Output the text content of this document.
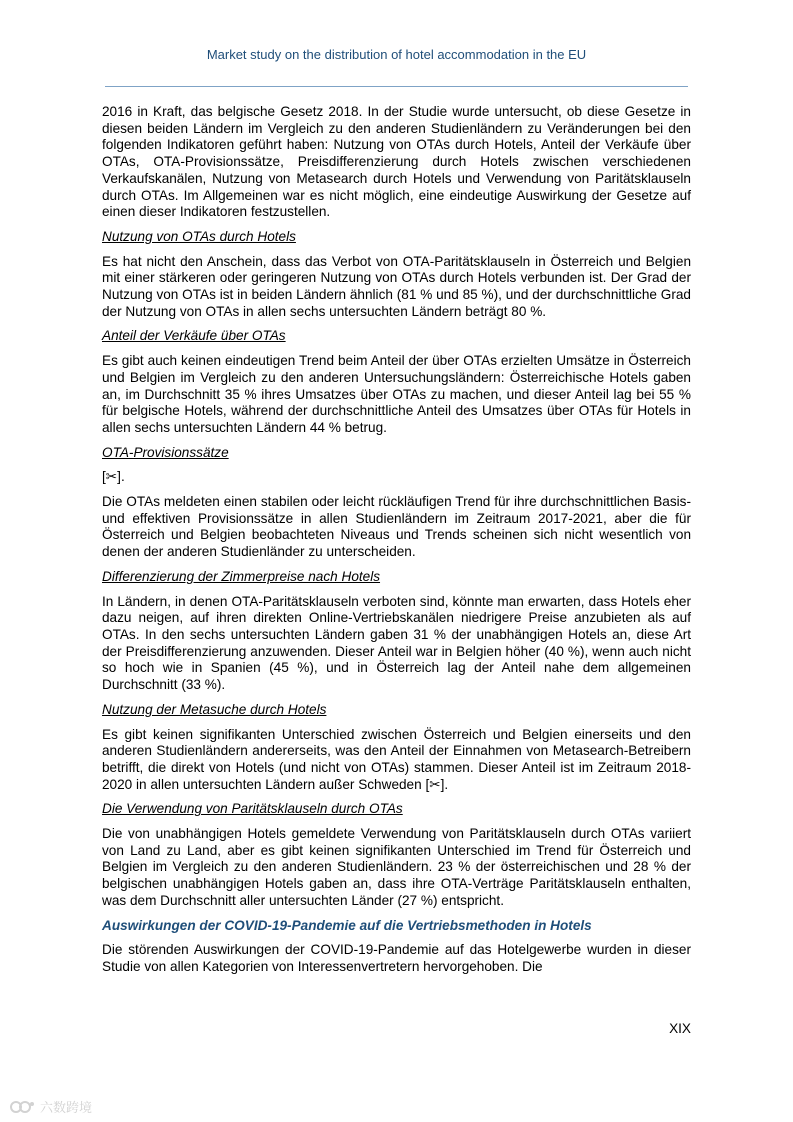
Market study on the distribution of hotel accommodation in the EU

2016 in Kraft, das belgische Gesetz 2018. In der Studie wurde untersucht, ob diese Gesetze in diesen beiden Ländern im Vergleich zu den anderen Studienländern zu Veränderungen bei den folgenden Indikatoren geführt haben: Nutzung von OTAs durch Hotels, Anteil der Verkäufe über OTAs, OTA-Provisionssätze, Preisdifferenzierung durch Hotels zwischen verschiedenen Verkaufskanälen, Nutzung von Metasearch durch Hotels und Verwendung von Paritätsklauseln durch OTAs. Im Allgemeinen war es nicht möglich, eine eindeutige Auswirkung der Gesetze auf einen dieser Indikatoren festzustellen.

Nutzung von OTAs durch Hotels

Es hat nicht den Anschein, dass das Verbot von OTA-Paritätsklauseln in Österreich und Belgien mit einer stärkeren oder geringeren Nutzung von OTAs durch Hotels verbunden ist. Der Grad der Nutzung von OTAs ist in beiden Ländern ähnlich (81 % und 85 %), und der durchschnittliche Grad der Nutzung von OTAs in allen sechs untersuchten Ländern beträgt 80 %.

Anteil der Verkäufe über OTAs

Es gibt auch keinen eindeutigen Trend beim Anteil der über OTAs erzielten Umsätze in Österreich und Belgien im Vergleich zu den anderen Untersuchungsländern: Österreichische Hotels gaben an, im Durchschnitt 35 % ihres Umsatzes über OTAs zu machen, und dieser Anteil lag bei 55 % für belgische Hotels, während der durchschnittliche Anteil des Umsatzes über OTAs für Hotels in allen sechs untersuchten Ländern 44 % betrug.

OTA-Provisionssätze

[✂].

Die OTAs meldeten einen stabilen oder leicht rückläufigen Trend für ihre durchschnittlichen Basis- und effektiven Provisionssätze in allen Studienländern im Zeitraum 2017-2021, aber die für Österreich und Belgien beobachteten Niveaus und Trends scheinen sich nicht wesentlich von denen der anderen Studienländer zu unterscheiden.

Differenzierung der Zimmerpreise nach Hotels

In Ländern, in denen OTA-Paritätsklauseln verboten sind, könnte man erwarten, dass Hotels eher dazu neigen, auf ihren direkten Online-Vertriebskanälen niedrigere Preise anzubieten als auf OTAs. In den sechs untersuchten Ländern gaben 31 % der unabhängigen Hotels an, diese Art der Preisdifferenzierung anzuwenden. Dieser Anteil war in Belgien höher (40 %), wenn auch nicht so hoch wie in Spanien (45 %), und in Österreich lag der Anteil nahe dem allgemeinen Durchschnitt (33 %).

Nutzung der Metasuche durch Hotels

Es gibt keinen signifikanten Unterschied zwischen Österreich und Belgien einerseits und den anderen Studienländern andererseits, was den Anteil der Einnahmen von Metasearch-Betreibern betrifft, die direkt von Hotels (und nicht von OTAs) stammen. Dieser Anteil ist im Zeitraum 2018-2020 in allen untersuchten Ländern außer Schweden [✂].

Die Verwendung von Paritätsklauseln durch OTAs

Die von unabhängigen Hotels gemeldete Verwendung von Paritätsklauseln durch OTAs variiert von Land zu Land, aber es gibt keinen signifikanten Unterschied im Trend für Österreich und Belgien im Vergleich zu den anderen Studienländern. 23 % der österreichischen und 28 % der belgischen unabhängigen Hotels gaben an, dass ihre OTA-Verträge Paritätsklauseln enthalten, was dem Durchschnitt aller untersuchten Länder (27 %) entspricht.

Auswirkungen der COVID-19-Pandemie auf die Vertriebsmethoden in Hotels

Die störenden Auswirkungen der COVID-19-Pandemie auf das Hotelgewerbe wurden in dieser Studie von allen Kategorien von Interessenvertretern hervorgehoben. Die

XIX
六数跨境
